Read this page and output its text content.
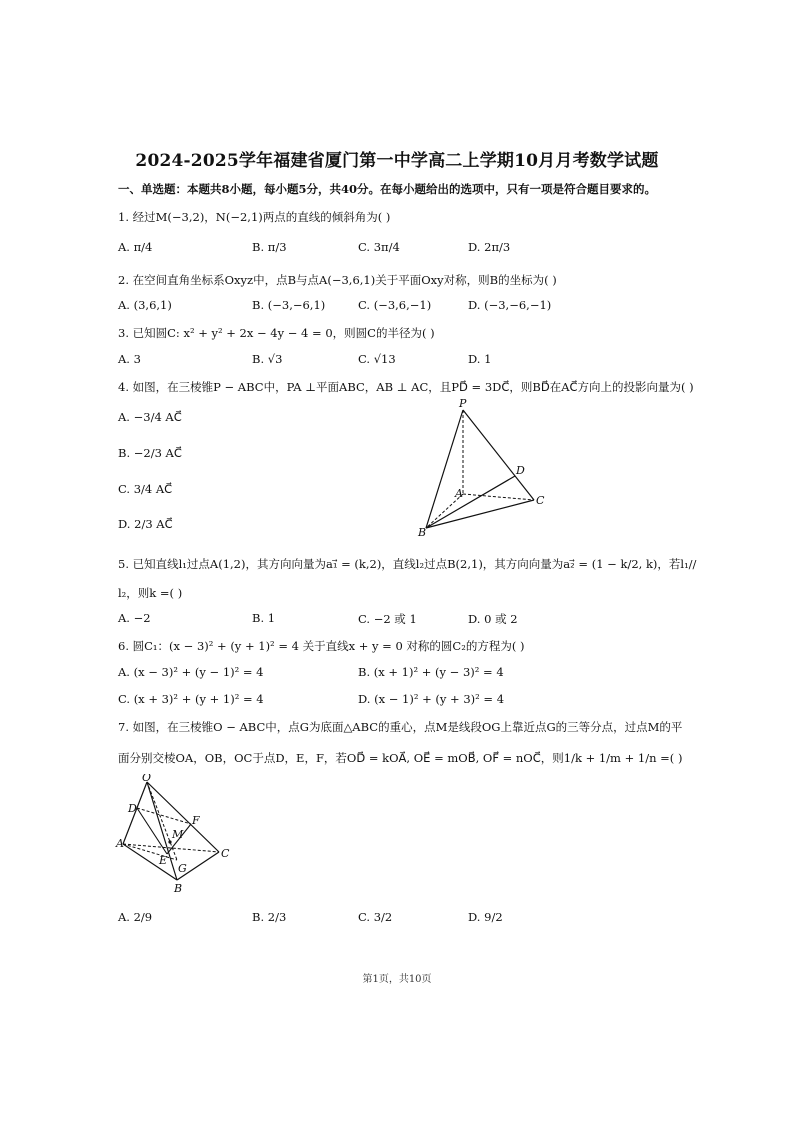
2024-2025学年福建省厦门第一中学高二上学期10月月考数学试题
一、单选题：本题共8小题，每小题5分，共40分。在每小题给出的选项中，只有一项是符合题目要求的。
1. 经过M(−3,2)，N(−2,1)两点的直线的倾斜角为( )
A. π/4	B. π/3	C. 3π/4	D. 2π/3
2. 在空间直角坐标系Oxyz中，点B与点A(−3,6,1)关于平面Oxy对称，则B的坐标为( )
A. (3,6,1)	B. (−3,−6,1)	C. (−3,6,−1)	D. (−3,−6,−1)
3. 已知圆C: x² + y² + 2x − 4y − 4 = 0，则圆C的半径为( )
A. 3	B. √3	C. √13	D. 1
4. 如图，在三棱锥P − ABC中，PA ⊥平面ABC，AB ⊥ AC，且PD⃗ = 3DC⃗，则BD⃗在AC⃗方向上的投影向量为( )
A. −3/4 AC⃗
B. −2/3 AC⃗
C. 3/4 AC⃗
D. 2/3 AC⃗
P
D
A
C
B
5. 已知直线l₁过点A(1,2)，其方向向量为a₁⃗ = (k,2)，直线l₂过点B(2,1)，其方向向量为a₂⃗ = (1 − k/2, k)，若l₁//
l₂，则k =( )
A. −2	B. 1	C. −2 或 1	D. 0 或 2
6. 圆C₁：(x − 3)² + (y + 1)² = 4 关于直线x + y = 0 对称的圆C₂的方程为( )
A. (x − 3)² + (y − 1)² = 4	B. (x + 1)² + (y − 3)² = 4
C. (x + 3)² + (y + 1)² = 4	D. (x − 1)² + (y + 3)² = 4
7. 如图，在三棱锥O − ABC中，点G为底面△ABC的重心，点M是线段OG上靠近点G的三等分点，过点M的平
面分别交棱OA，OB，OC于点D，E，F，若OD⃗ = kOA⃗, OE⃗ = mOB⃗, OF⃗ = nOC⃗，则1/k + 1/m + 1/n =( )
O
D
F
M
A
E
C
G
B
A. 2/9	B. 2/3	C. 3/2	D. 9/2
第1页，共10页
